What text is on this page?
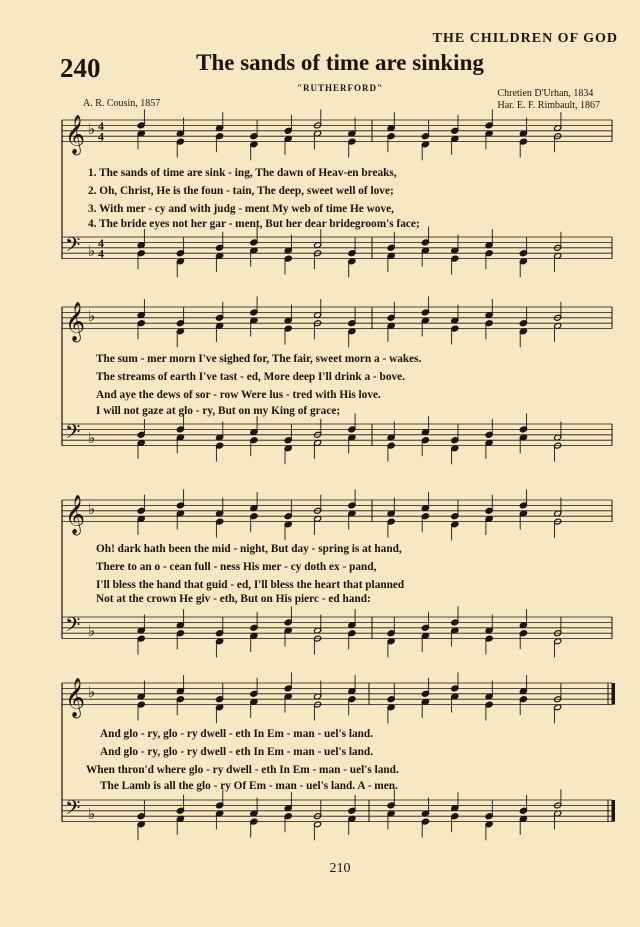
THE CHILDREN OF GOD
240	The sands of time are sinking
"RUTHERFORD"
A. R. Cousin, 1857
Chretien D'Urhan, 1834
Har. E. F. Rimbault, 1867
𝄞
𝄢
♭
♭
4
4
4
4
1. The sands of time are sink - ing, The dawn of Heav-en breaks,
2. Oh, Christ, He is the foun - tain, The deep, sweet well of love;
3. With mer - cy and with judg - ment My web of time He wove,
4. The bride eyes not her gar - ment, But her dear bridegroom's face;
𝄞
𝄢
♭
♭
The sum - mer morn I've sighed for, The fair, sweet morn a - wakes.
The streams of earth I've tast - ed, More deep I'll drink a - bove.
And aye the dews of sor - row Were lus - tred with His love.
I will not gaze at glo - ry, But on my King of grace;
𝄞
𝄢
♭
♭
Oh! dark hath been the mid - night, But day - spring is at hand,
There to an o - cean full - ness His mer - cy doth ex - pand,
I'll bless the hand that guid - ed, I'll bless the heart that planned
Not at the crown He giv - eth, But on His pierc - ed hand:
𝄞
𝄢
♭
♭
And glo - ry, glo - ry dwell - eth In Em - man - uel's land.
And glo - ry, glo - ry dwell - eth In Em - man - uel's land.
When thron'd where glo - ry dwell - eth In Em - man - uel's land.
The Lamb is all the glo - ry Of Em - man - uel's land. A - men.
210
